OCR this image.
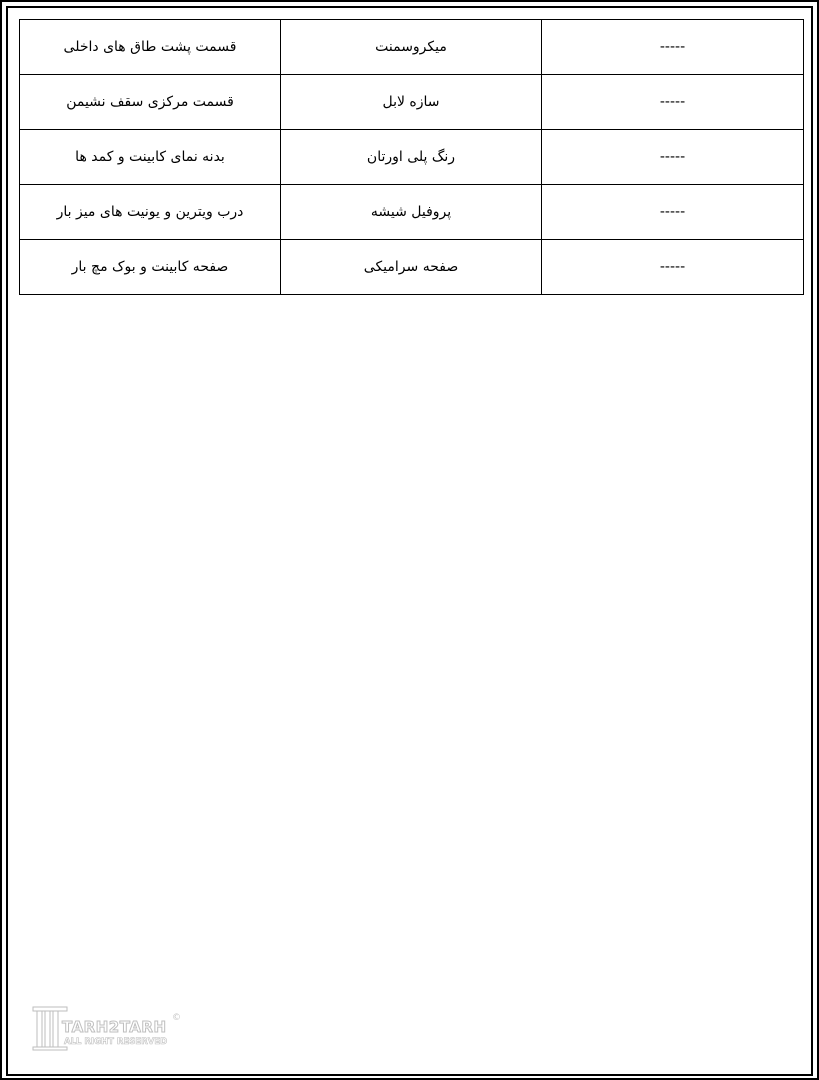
قسمت پشت طاق های داخلی	میکروسمنت	-----
قسمت مرکزی سقف نشیمن	سازه لابل	-----
بدنه نمای کابینت و کمد ها	رنگ پلی اورتان	-----
درب ویترین و یونیت های میز بار	پروفیل شیشه	-----
صفحه کابینت و بوک مچ بار	صفحه سرامیکی	-----
TARH2TARH
ALL RIGHT RESERVED
©
